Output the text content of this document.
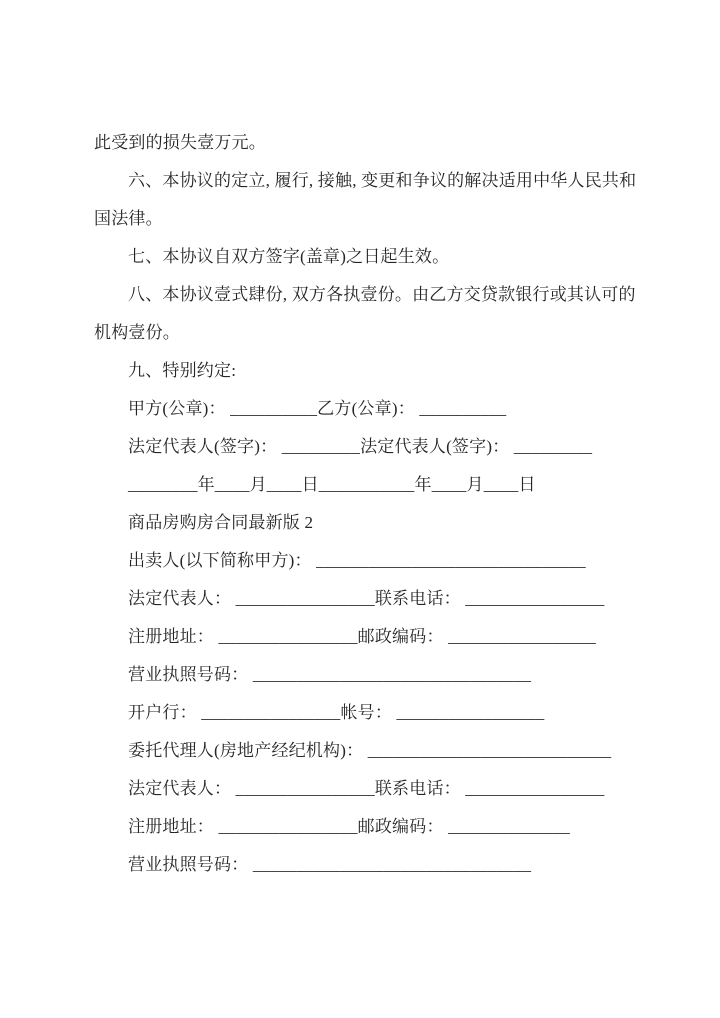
此受到的损失壹万元。

六、本协议的定立, 履行, 接触, 变更和争议的解决适用中华人民共和

国法律。

七、本协议自双方签字(盖章)之日起生效。

八、本协议壹式肆份, 双方各执壹份。由乙方交贷款银行或其认可的

机构壹份。

九、特别约定:

甲方(公章)： __________乙方(公章)： __________

法定代表人(签字)： _________法定代表人(签字)： _________

________年____月____日___________年____月____日

商品房购房合同最新版 2

出卖人(以下简称甲方)： _______________________________

法定代表人： ________________联系电话： ________________

注册地址： ________________邮政编码： _________________

营业执照号码： ________________________________

开户行： ________________帐号： _________________

委托代理人(房地产经纪机构)： ____________________________

法定代表人： ________________联系电话： ________________

注册地址： ________________邮政编码： ______________

营业执照号码： ________________________________
